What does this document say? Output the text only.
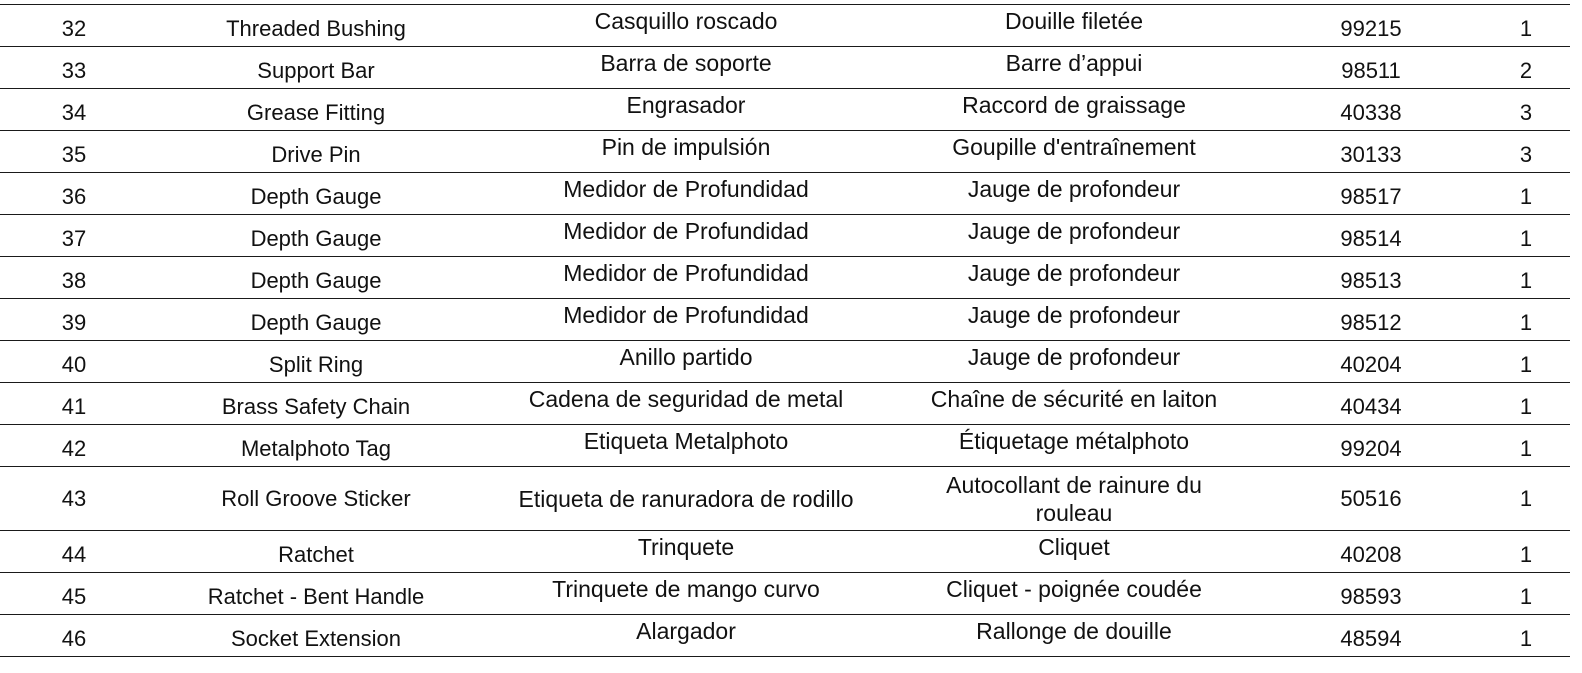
32	Threaded Bushing	Casquillo roscado	Douille filetée	99215	1
33	Support Bar	Barra de soporte	Barre d’appui	98511	2
34	Grease Fitting	Engrasador	Raccord de graissage	40338	3
35	Drive Pin	Pin de impulsión	Goupille d'entraînement	30133	3
36	Depth Gauge	Medidor de Profundidad	Jauge de profondeur	98517	1
37	Depth Gauge	Medidor de Profundidad	Jauge de profondeur	98514	1
38	Depth Gauge	Medidor de Profundidad	Jauge de profondeur	98513	1
39	Depth Gauge	Medidor de Profundidad	Jauge de profondeur	98512	1
40	Split Ring	Anillo partido	Jauge de profondeur	40204	1
41	Brass Safety Chain	Cadena de seguridad de metal	Chaîne de sécurité en laiton	40434	1
42	Metalphoto Tag	Etiqueta Metalphoto	Étiquetage métalphoto	99204	1
43	Roll Groove Sticker	Etiqueta de ranuradora de rodillo	Autocollant de rainure du rouleau	50516	1
44	Ratchet	Trinquete	Cliquet	40208	1
45	Ratchet - Bent Handle	Trinquete de mango curvo	Cliquet - poignée coudée	98593	1
46	Socket Extension	Alargador	Rallonge de douille	48594	1
